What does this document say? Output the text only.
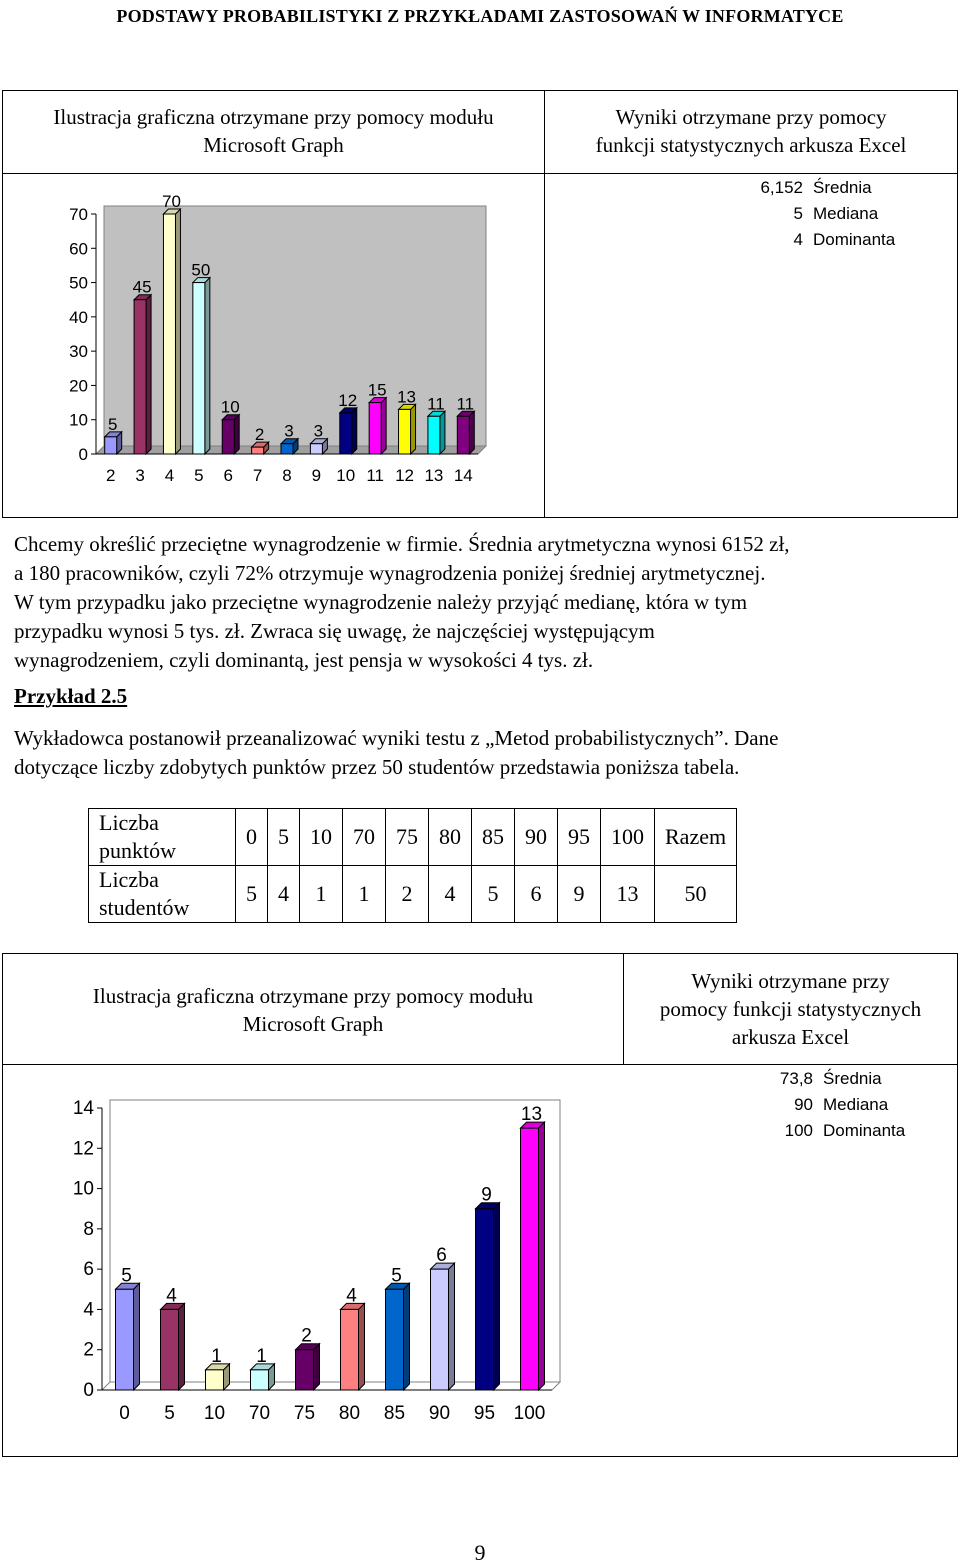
PODSTAWY PROBABILISTYKI Z PRZYKŁADAMI ZASTOSOWAŃ W INFORMATYCE
Ilustracja graficzna otrzymane przy pomocy modułu
Microsoft Graph
Wyniki otrzymane przy pomocy
funkcji statystycznych arkusza Excel
6,152 Średnia
5 Mediana
4 Dominanta
0
10
20
30
40
50
60
70
5
2
45
3
70
4
50
5
10
6
2
7
3
8
3
9
12
10
15
11
13
12
11
13
11
14

Chcemy określić przeciętne wynagrodzenie w firmie. Średnia arytmetyczna wynosi 6152 zł,

a 180 pracowników, czyli 72% otrzymuje wynagrodzenia poniżej średniej arytmetycznej.

W tym przypadku jako przeciętne wynagrodzenie należy przyjąć medianę, która w tym

przypadku wynosi 5 tys. zł. Zwraca się uwagę, że najczęściej występującym

wynagrodzeniem, czyli dominantą, jest pensja w wysokości 4 tys. zł.

Przykład 2.5

Wykładowca postanowił przeanalizować wyniki testu z „Metod probabilistycznych”. Dane

dotyczące liczby zdobytych punktów przez 50 studentów przedstawia poniższa tabela.

Liczba
punktów	0	5	10	70	75	80	85	90	95	100	Razem

Liczba
studentów	5	4	1	1	2	4	5	6	9	13	50
Ilustracja graficzna otrzymane przy pomocy modułu
Microsoft Graph
Wyniki otrzymane przy
pomocy funkcji statystycznych
arkusza Excel
73,8 Średnia
90 Mediana
100 Dominanta
0
2
4
6
8
10
12
14
5
0
4
5
1
10
1
70
2
75
4
80
5
85
6
90
9
95
13
100
9
